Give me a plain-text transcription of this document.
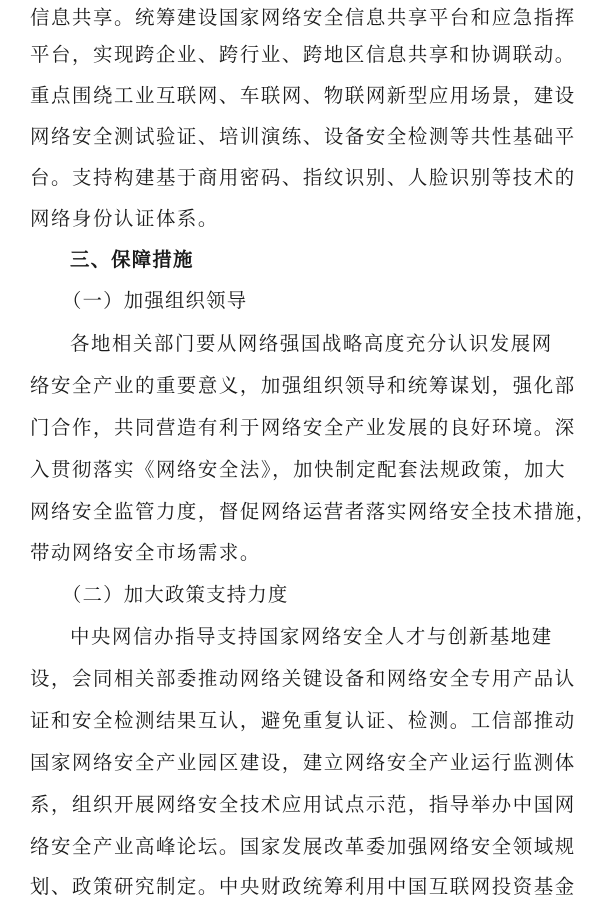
信息共享。统筹建设国家网络安全信息共享平台和应急指挥
平台，实现跨企业、跨行业、跨地区信息共享和协调联动。
重点围绕工业互联网、车联网、物联网新型应用场景，建设
网络安全测试验证、培训演练、设备安全检测等共性基础平
台。支持构建基于商用密码、指纹识别、人脸识别等技术的
网络身份认证体系。
三、保障措施
（一）加强组织领导
各地相关部门要从网络强国战略高度充分认识发展网
络安全产业的重要意义，加强组织领导和统筹谋划，强化部
门合作，共同营造有利于网络安全产业发展的良好环境。深
入贯彻落实《网络安全法》，加快制定配套法规政策，加大
网络安全监管力度，督促网络运营者落实网络安全技术措施，
带动网络安全市场需求。
（二）加大政策支持力度
中央网信办指导支持国家网络安全人才与创新基地建
设，会同相关部委推动网络关键设备和网络安全专用产品认
证和安全检测结果互认，避免重复认证、检测。工信部推动
国家网络安全产业园区建设，建立网络安全产业运行监测体
系，组织开展网络安全技术应用试点示范，指导举办中国网
络安全产业高峰论坛。国家发展改革委加强网络安全领域规
划、政策研究制定。中央财政统筹利用中国互联网投资基金
